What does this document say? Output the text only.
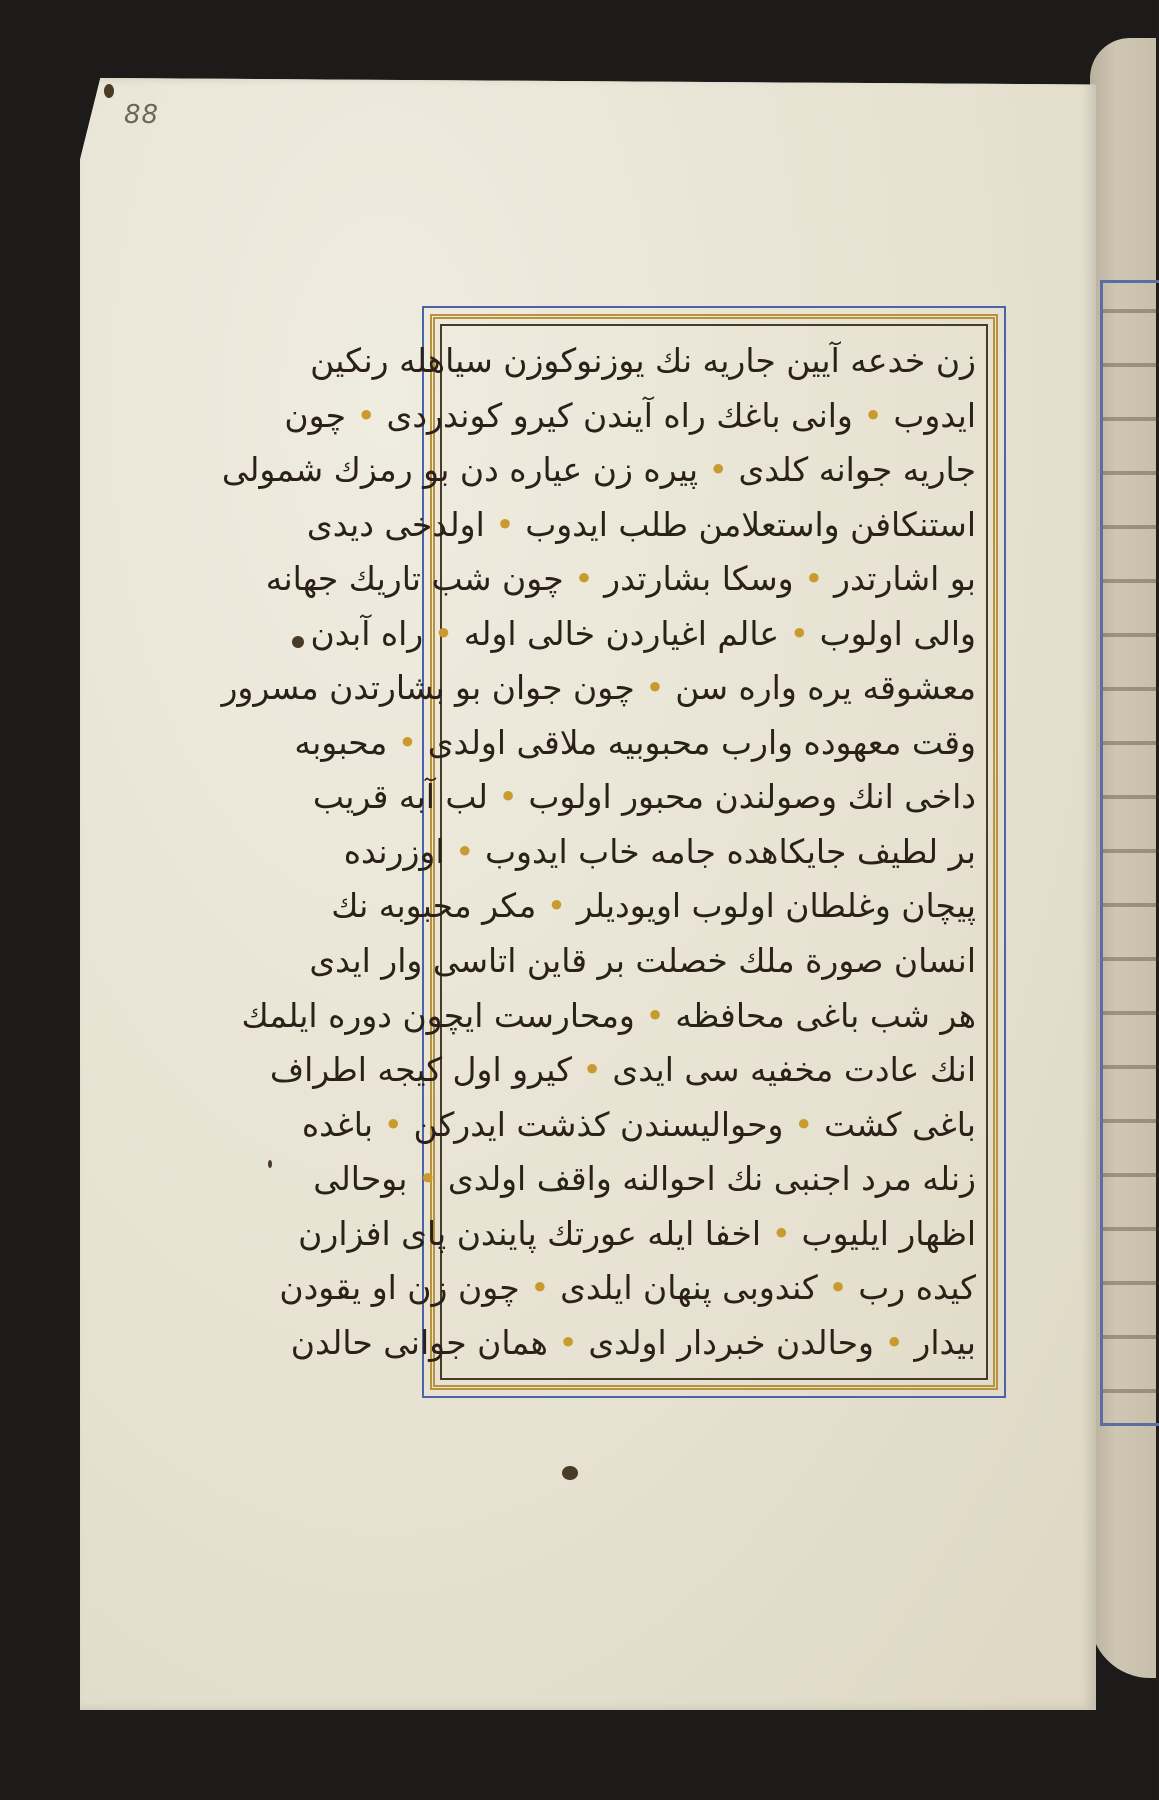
88
زن خدعه آیین جاریه نك یوزنوكوزن سیاهله رنكین
ایدوب • وانی باغك راه آیندن كیرو كوندردی • چون
جاریه جوانه كلدی • پیره زن عیاره دن بو رمزك شمولی
استنكافن واستعلامن طلب ایدوب • اولدخی دیدی
بو اشارتدر • وسكا بشارتدر • چون شب تاریك جهانه
والی اولوب • عالم اغیاردن خالی اوله • راه آبدن
معشوقه یره واره سن • چون جوان بو بشارتدن مسرور
وقت معهوده وارب محبوبیه ملاقی اولدی • محبوبه
داخی انك وصولندن محبور اولوب • لب آبه قریب
بر لطیف جایكاهده جامه خاب ایدوب • اوزرنده
پیچان وغلطان اولوب اویودیلر • مكر محبوبه نك
انسان صورة ملك خصلت بر قاین اتاسی وار ایدی
هر شب باغی محافظه • ومحارست ایچون دوره ایلمك
انك عادت مخفیه سی ایدی • كیرو اول كیجه اطراف
باغی كشت • وحوالیسندن كذشت ایدركن • باغده
زنله مرد اجنبی نك احوالنه واقف اولدی • بوحالی
اظهار ایلیوب • اخفا ایله عورتك پایندن پای افزارن
كیده رب • كندوبی پنهان ایلدی • چون زن او یقودن
بیدار • وحالدن خبردار اولدی • همان جوانی حالدن
